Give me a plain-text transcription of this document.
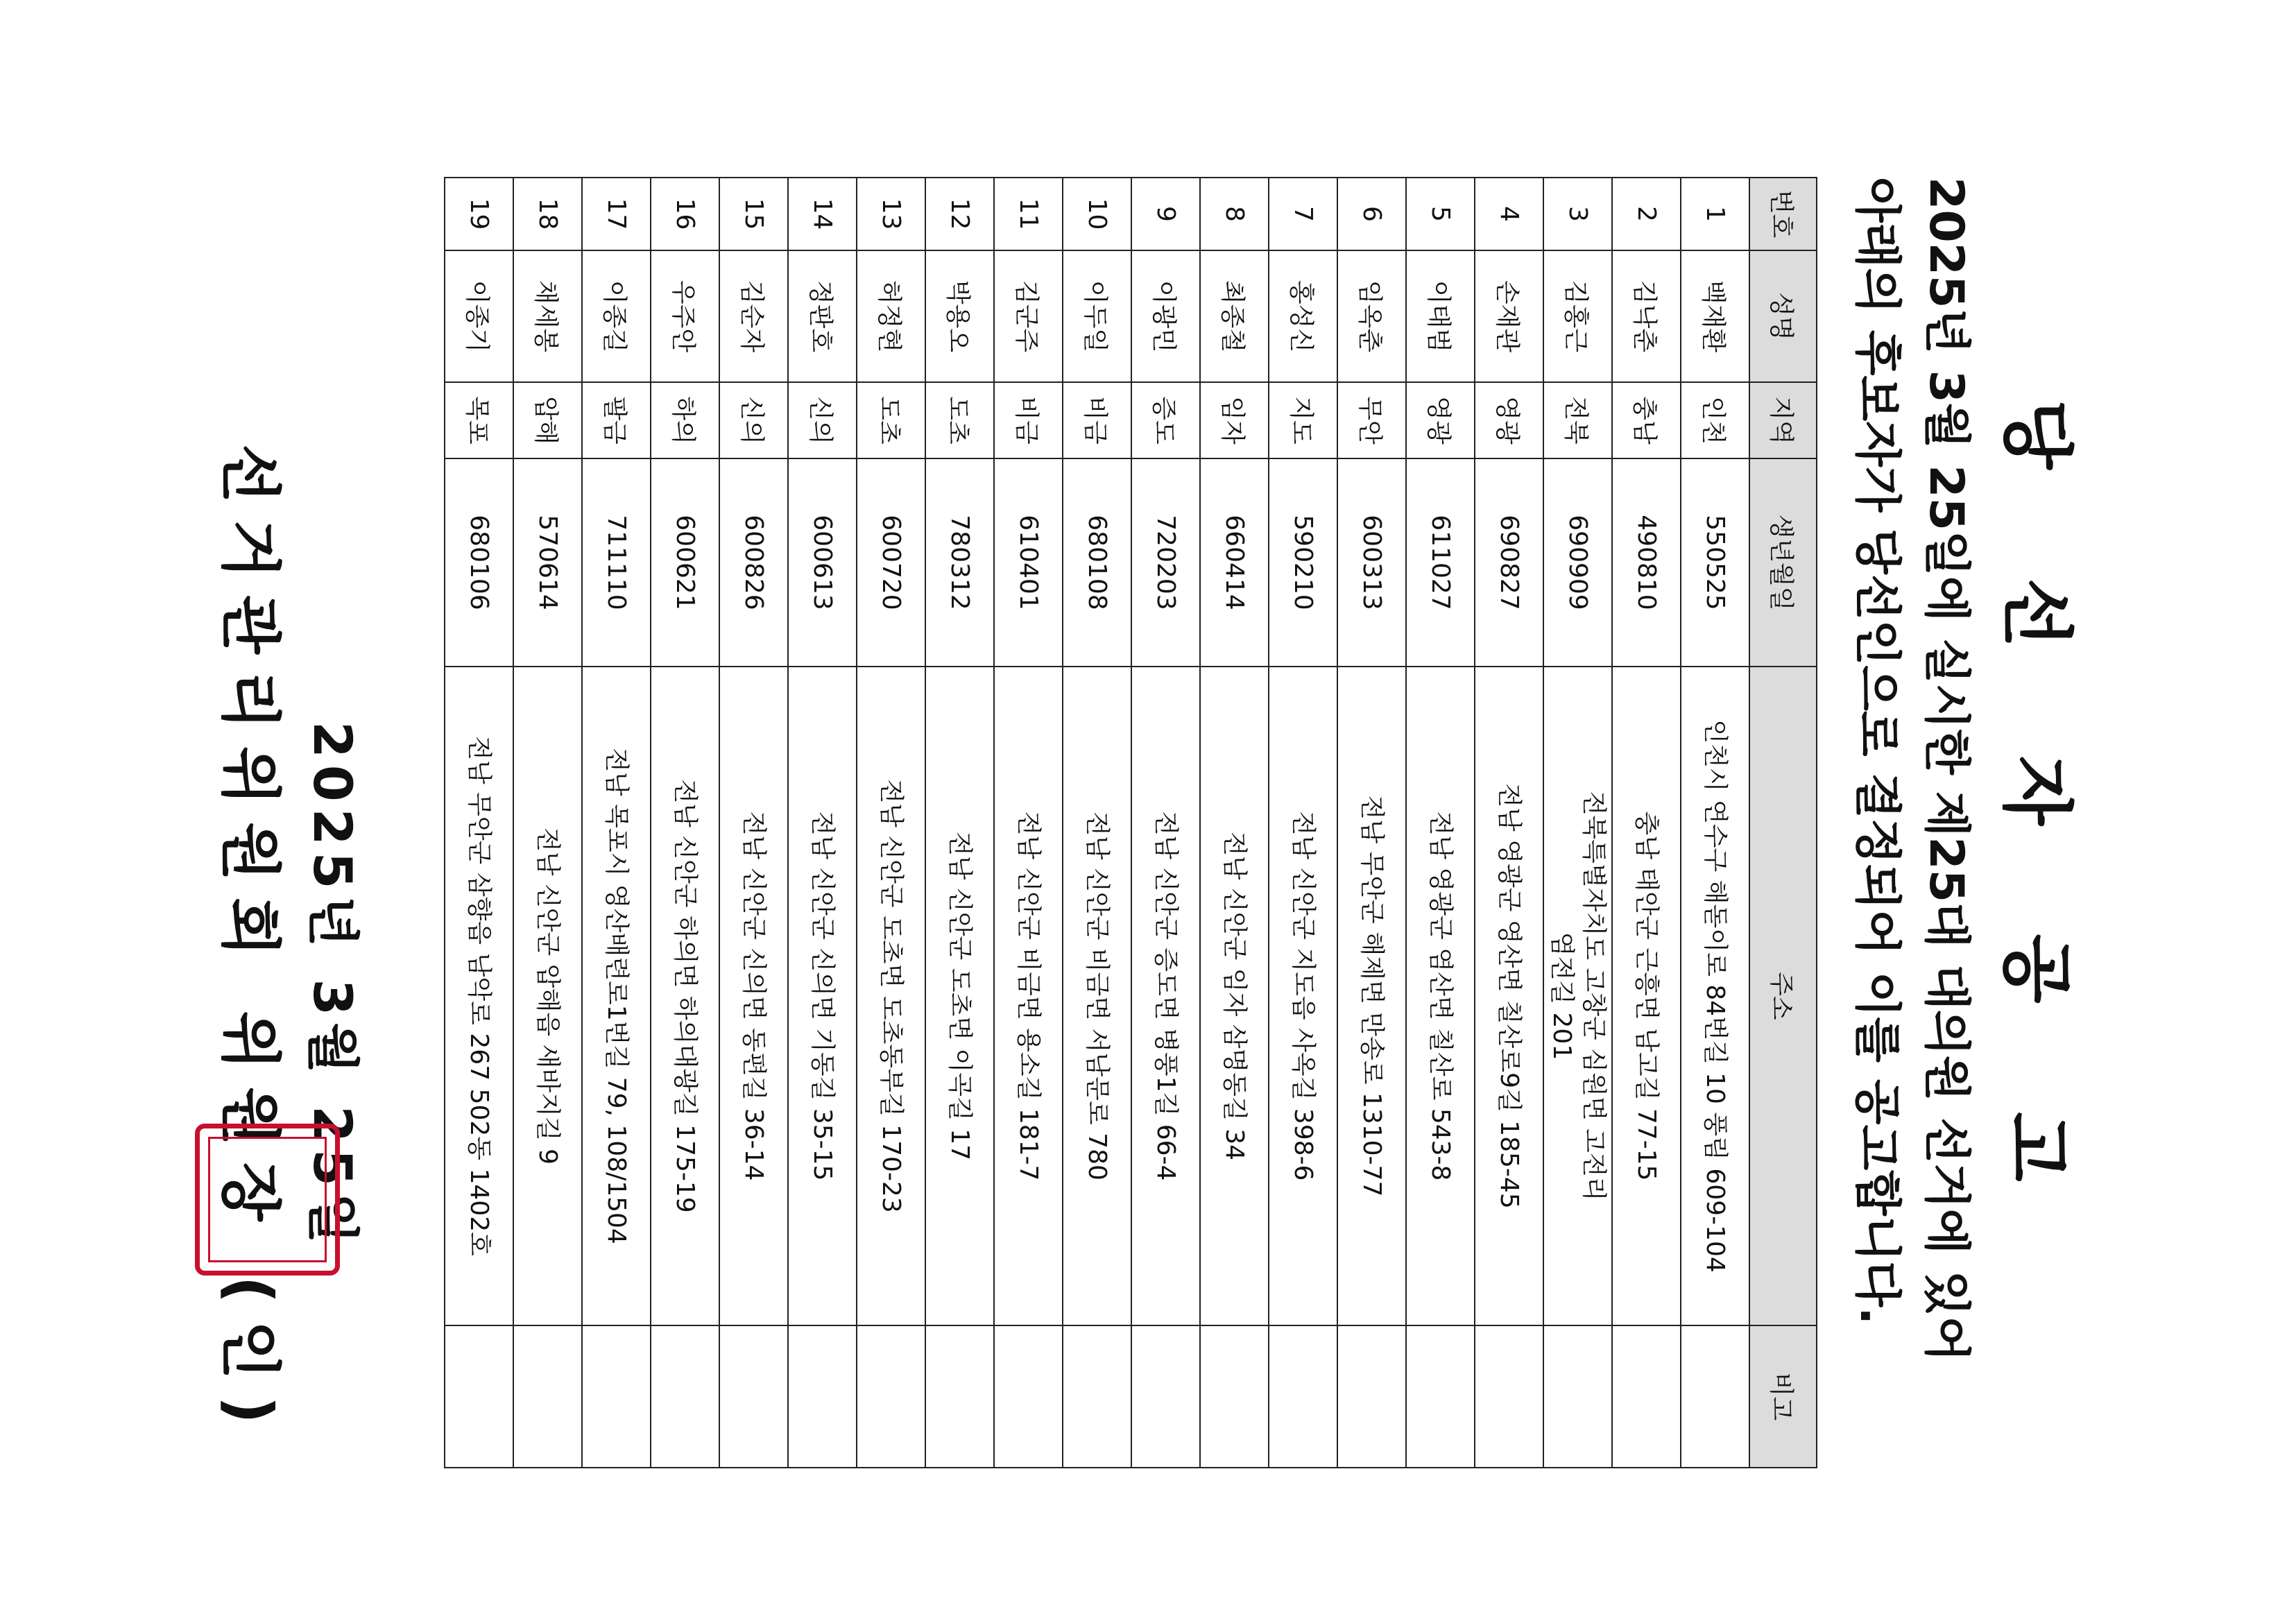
당 선 자 공 고
2025년 3월 25일에 실시한 제25대 대의원 선거에 있어
아래의 후보자가 당선인으로 결정되어 이를 공고합니다.
번호	성명	지역	생년월일	주소	비고
1	백재환	인천	550525	인천시 연수구 해돋이로 84번길 10 풍림 609-104	

2	김낙춘	충남	490810	충남 태안군 근흥면 남고길 77-15	

3	김홍근	전북	690909	전북특별자치도 고창군 심원면 고전리
염전길 201	

4	손재관	영광	690827	전남 영광군 영산면 칠산로9길 185-45	

5	이태범	영광	611027	전남 영광군 염산면 칠산로 543-8	

6	임옥춘	무안	600313	전남 무안군 해제면 만송로 1310-77	

7	홍성신	지도	590210	전남 신안군 지도읍 사옥길 398-6	

8	최종철	임자	660414	전남 신안군 임자 삼명동길 34	

9	이광민	증도	720203	전남 신안군 증도면 병풍1길 66-4	

10	이두일	비금	680108	전남 신안군 비금면 서남문로 780	

11	김군주	비금	610401	전남 신안군 비금면 용소길 181-7	

12	박용오	도초	780312	전남 신안군 도초면 이곡길 17	

13	허정현	도초	600720	전남 신안군 도초면 도초동부길 170-23	

14	정판호	신의	600613	전남 신안군 신의면 기동길 35-15	

15	김순자	신의	600826	전남 신안군 신의면 동편길 36-14	

16	우주안	하의	600621	전남 신안군 하의면 하의대광길 175-19	

17	이종길	팔금	711110	전남 목포시 영산배련로1번길 79, 108/1504	

18	채세봉	압해	570614	전남 신안군 압해읍 새바지길 9	

19	이종기	목포	680106	전남 무안군 삼향읍 남악로 267 502동 1402호	

2025년 3월 25일
선거관리위원회 위원장 (인)
